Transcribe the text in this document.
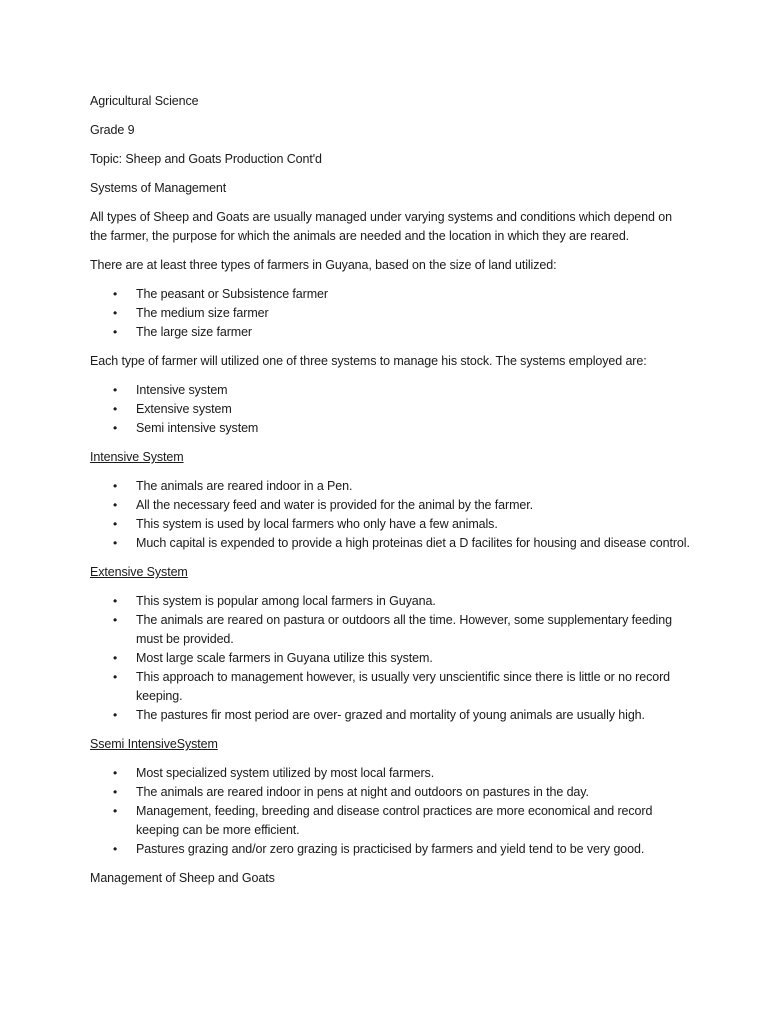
Agricultural Science
Grade 9
Topic: Sheep and Goats Production Cont'd
Systems of Management
All types of Sheep and Goats are usually managed under varying systems and conditions which depend on the farmer, the purpose for which the animals are needed and the location in which they are reared.
There are at least three types of farmers in Guyana, based on the size of land utilized:
• The peasant or Subsistence farmer
• The medium size farmer
• The large size farmer
Each type of farmer will utilized one of three systems to manage his stock. The systems employed are:
• Intensive system
• Extensive system
• Semi intensive system
Intensive System
• The animals are reared indoor in a Pen.
• All the necessary feed and water is provided for the animal by the farmer.
• This system is used by local farmers who only have a few animals.
• Much capital is expended to provide a high proteinas diet a D facilites for housing and disease control.
Extensive System
• This system is popular among local farmers in Guyana.
• The animals are reared on pastura or outdoors all the time. However, some supplementary feeding must be provided.
• Most large scale farmers in Guyana utilize this system.
• This approach to management however, is usually very unscientific since there is little or no record keeping.
• The pastures fir most period are over- grazed and mortality of young animals are usually high.
Ssemi IntensiveSystem
• Most specialized system utilized by most local farmers.
• The animals are reared indoor in pens at night and outdoors on pastures in the day.
• Management, feeding, breeding and disease control practices are more economical and record keeping can be more efficient.
• Pastures grazing and/or zero grazing is practicised by farmers and yield tend to be very good.
Management of Sheep and Goats
